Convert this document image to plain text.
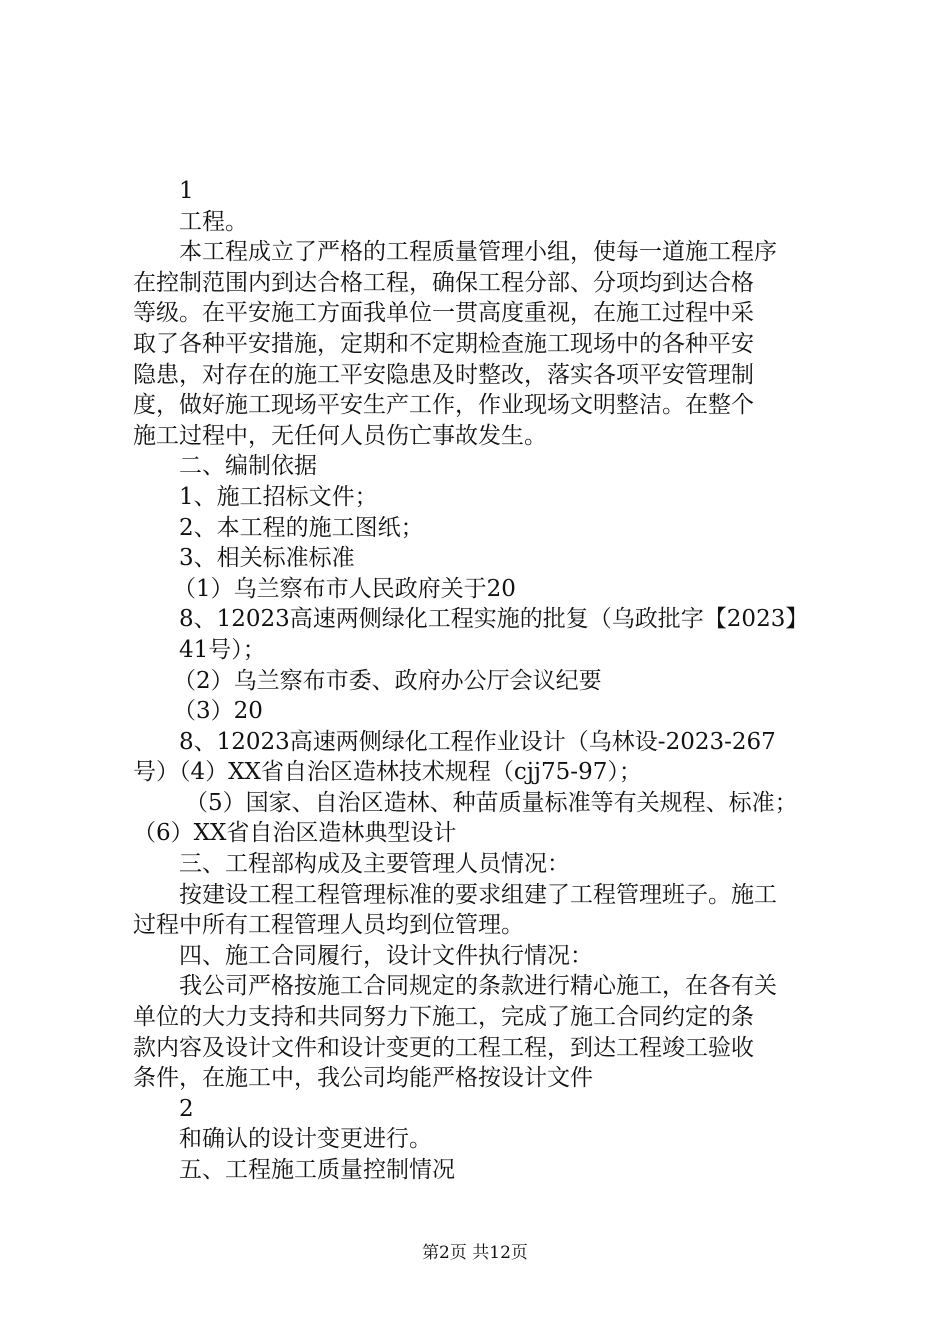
1
工程。
本工程成立了严格的工程质量管理小组，使每一道施工程序
在控制范围内到达合格工程，确保工程分部、分项均到达合格
等级。在平安施工方面我单位一贯高度重视，在施工过程中采
取了各种平安措施，定期和不定期检查施工现场中的各种平安
隐患，对存在的施工平安隐患及时整改，落实各项平安管理制
度，做好施工现场平安生产工作，作业现场文明整洁。在整个
施工过程中，无任何人员伤亡事故发生。
二、编制依据
1、施工招标文件；
2、本工程的施工图纸；
3、相关标准标准
（1）乌兰察布市人民政府关于20
8、12023高速两侧绿化工程实施的批复（乌政批字【2023】
41号）；
（2）乌兰察布市委、政府办公厅会议纪要
（3）20
8、12023高速两侧绿化工程作业设计（乌林设-2023-267
号）（4）XX省自治区造林技术规程（cjj75-97）；
（5）国家、自治区造林、种苗质量标准等有关规程、标准；
（6）XX省自治区造林典型设计
三、工程部构成及主要管理人员情况：
按建设工程工程管理标准的要求组建了工程管理班子。施工
过程中所有工程管理人员均到位管理。
四、施工合同履行，设计文件执行情况：
我公司严格按施工合同规定的条款进行精心施工，在各有关
单位的大力支持和共同努力下施工，完成了施工合同约定的条
款内容及设计文件和设计变更的工程工程，到达工程竣工验收
条件，在施工中，我公司均能严格按设计文件
2
和确认的设计变更进行。
五、工程施工质量控制情况
第2页 共12页
